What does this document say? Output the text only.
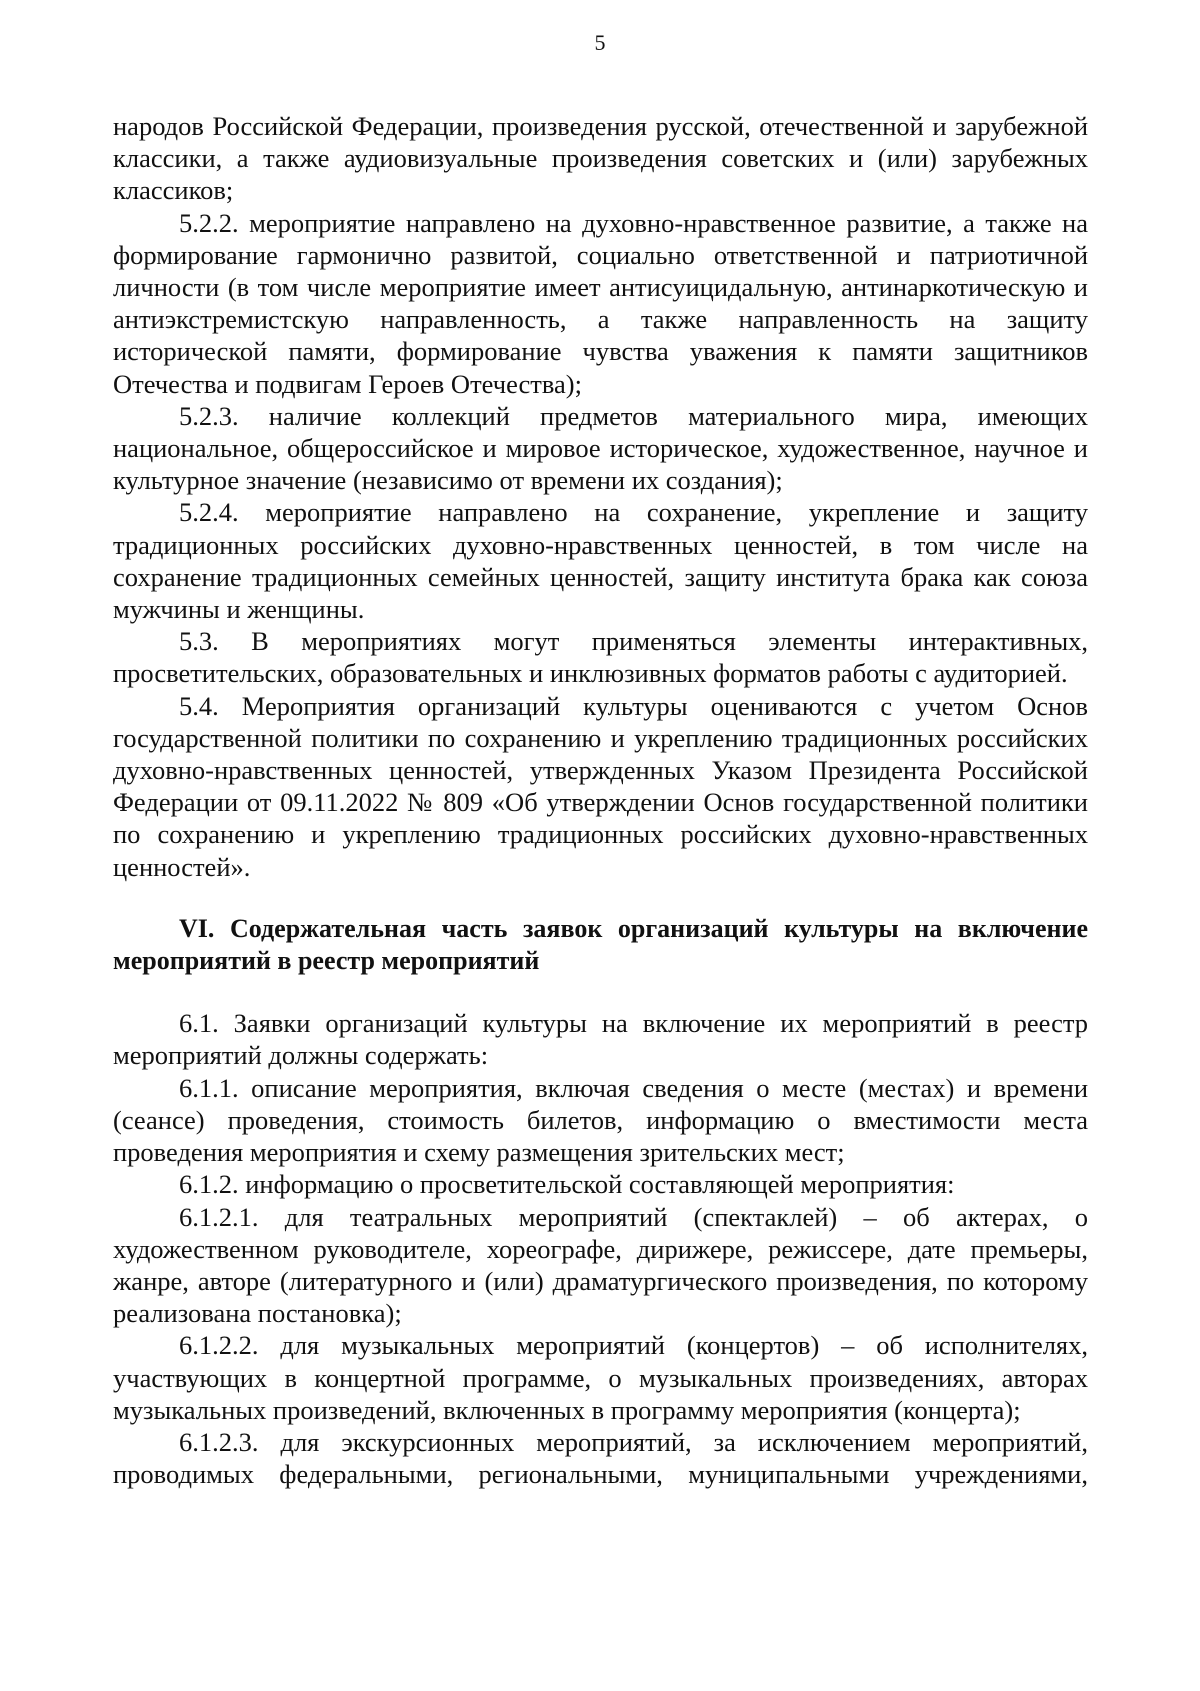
5

народов Российской Федерации, произведения русской, отечественной и зарубежной классики, а также аудиовизуальные произведения советских и (или) зарубежных классиков;

5.2.2. мероприятие направлено на духовно-нравственное развитие, а также на формирование гармонично развитой, социально ответственной и патриотичной личности (в том числе мероприятие имеет антисуицидальную, антинаркотическую и антиэкстремистскую направленность, а также направленность на защиту исторической памяти, формирование чувства уважения к памяти защитников Отечества и подвигам Героев Отечества);

5.2.3. наличие коллекций предметов материального мира, имеющих национальное, общероссийское и мировое историческое, художественное, научное и культурное значение (независимо от времени их создания);

5.2.4. мероприятие направлено на сохранение, укрепление и защиту традиционных российских духовно-нравственных ценностей, в том числе на сохранение традиционных семейных ценностей, защиту института брака как союза мужчины и женщины.

5.3. В мероприятиях могут применяться элементы интерактивных, просветительских, образовательных и инклюзивных форматов работы с аудиторией.

5.4. Мероприятия организаций культуры оцениваются с учетом Основ государственной политики по сохранению и укреплению традиционных российских духовно-нравственных ценностей, утвержденных Указом Президента Российской Федерации от 09.11.2022 № 809 «Об утверждении Основ государственной политики по сохранению и укреплению традиционных российских духовно-нравственных ценностей».

VI. Содержательная часть заявок организаций культуры на включение мероприятий в реестр мероприятий

6.1. Заявки организаций культуры на включение их мероприятий в реестр мероприятий должны содержать:

6.1.1. описание мероприятия, включая сведения о месте (местах) и времени (сеансе) проведения, стоимость билетов, информацию о вместимости места проведения мероприятия и схему размещения зрительских мест;

6.1.2. информацию о просветительской составляющей мероприятия:

6.1.2.1. для театральных мероприятий (спектаклей) – об актерах, о художественном руководителе, хореографе, дирижере, режиссере, дате премьеры, жанре, авторе (литературного и (или) драматургического произведения, по которому реализована постановка);

6.1.2.2. для музыкальных мероприятий (концертов) – об исполнителях, участвующих в концертной программе, о музыкальных произведениях, авторах музыкальных произведений, включенных в программу мероприятия (концерта);

6.1.2.3. для экскурсионных мероприятий, за исключением мероприятий, проводимых федеральными, региональными, муниципальными учреждениями,
